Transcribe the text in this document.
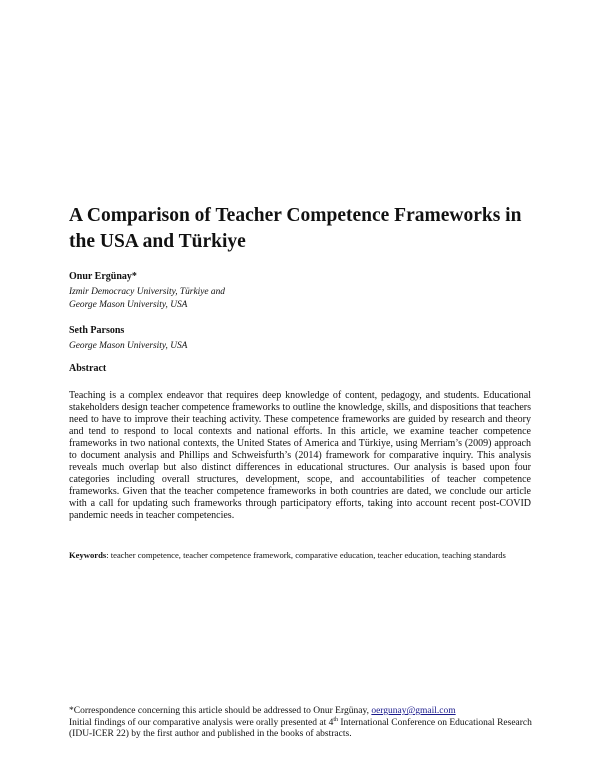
A Comparison of Teacher Competence Frameworks in the USA and Türkiye

Onur Ergünay*

Izmir Democracy University, Türkiye and
George Mason University, USA

Seth Parsons

George Mason University, USA

Abstract

Teaching is a complex endeavor that requires deep knowledge of content, pedagogy, and students. Educational stakeholders design teacher competence frameworks to outline the knowledge, skills, and dispositions that teachers need to have to improve their teaching activity. These competence frameworks are guided by research and theory and tend to respond to local contexts and national efforts. In this article, we examine teacher competence frameworks in two national contexts, the United States of America and Türkiye, using Merriam’s (2009) approach to document analysis and Phillips and Schweisfurth’s (2014) framework for comparative inquiry. This analysis reveals much overlap but also distinct differences in educational structures. Our analysis is based upon four categories including overall structures, development, scope, and accountabilities of teacher competence frameworks. Given that the teacher competence frameworks in both countries are dated, we conclude our article with a call for updating such frameworks through participatory efforts, taking into account recent post-COVID pandemic needs in teacher competencies.

Keywords: teacher competence, teacher competence framework, comparative education, teacher education, teaching standards

*Correspondence concerning this article should be addressed to Onur Ergünay, oergunay@gmail.com
Initial findings of our comparative analysis were orally presented at 4th International Conference on Educational Research (IDU-ICER 22) by the first author and published in the books of abstracts.
